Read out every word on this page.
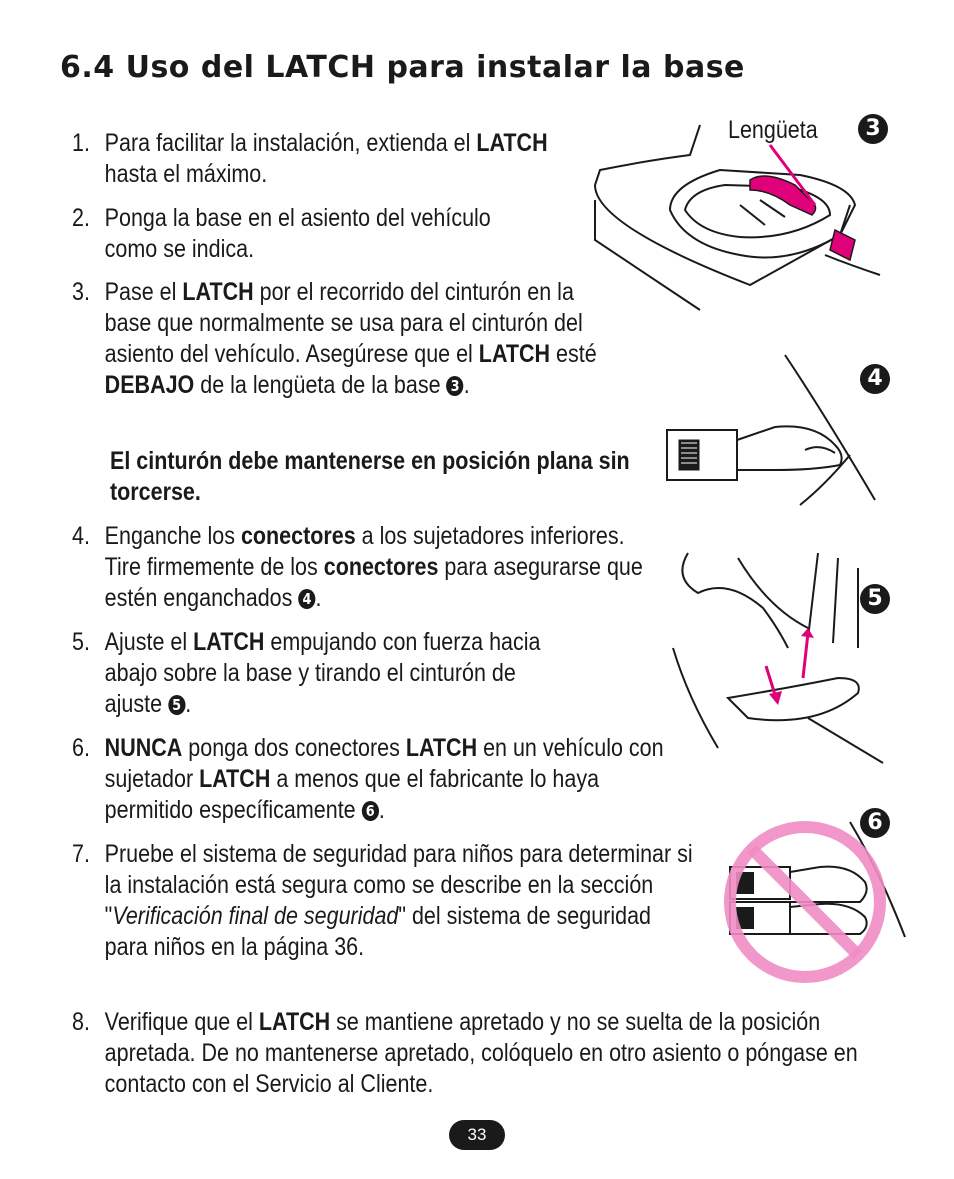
6.4 Uso del LATCH para instalar la base
1. Para facilitar la instalación, extienda el LATCH hasta el máximo.
2. Ponga la base en el asiento del vehículo como se indica.
3. Pase el LATCH por el recorrido del cinturón en la base que normalmente se usa para el cinturón del asiento del vehículo. Asegúrese que el LATCH esté DEBAJO de la lengüeta de la base 3 .
El cinturón debe mantenerse en posición plana sin torcerse.
4. Enganche los conectores a los sujetadores inferiores. Tire firmemente de los conectores para asegurarse que estén enganchados 4 .
5. Ajuste el LATCH empujando con fuerza hacia abajo sobre la base y tirando el cinturón de ajuste 5 .
6. NUNCA ponga dos conectores LATCH en un vehículo con sujetador LATCH a menos que el fabricante lo haya permitido específicamente 6 .
7. Pruebe el sistema de seguridad para niños para determinar si la instalación está segura como se describe en la sección "Verificación final de seguridad" del sistema de seguridad para niños en la página 36.
8. Verifique que el LATCH se mantiene apretado y no se suelta de la posición apretada. De no mantenerse apretado, colóquelo en otro asiento o póngase en contacto con el Servicio al Cliente.
Lengüeta	3
4
5
6
33
